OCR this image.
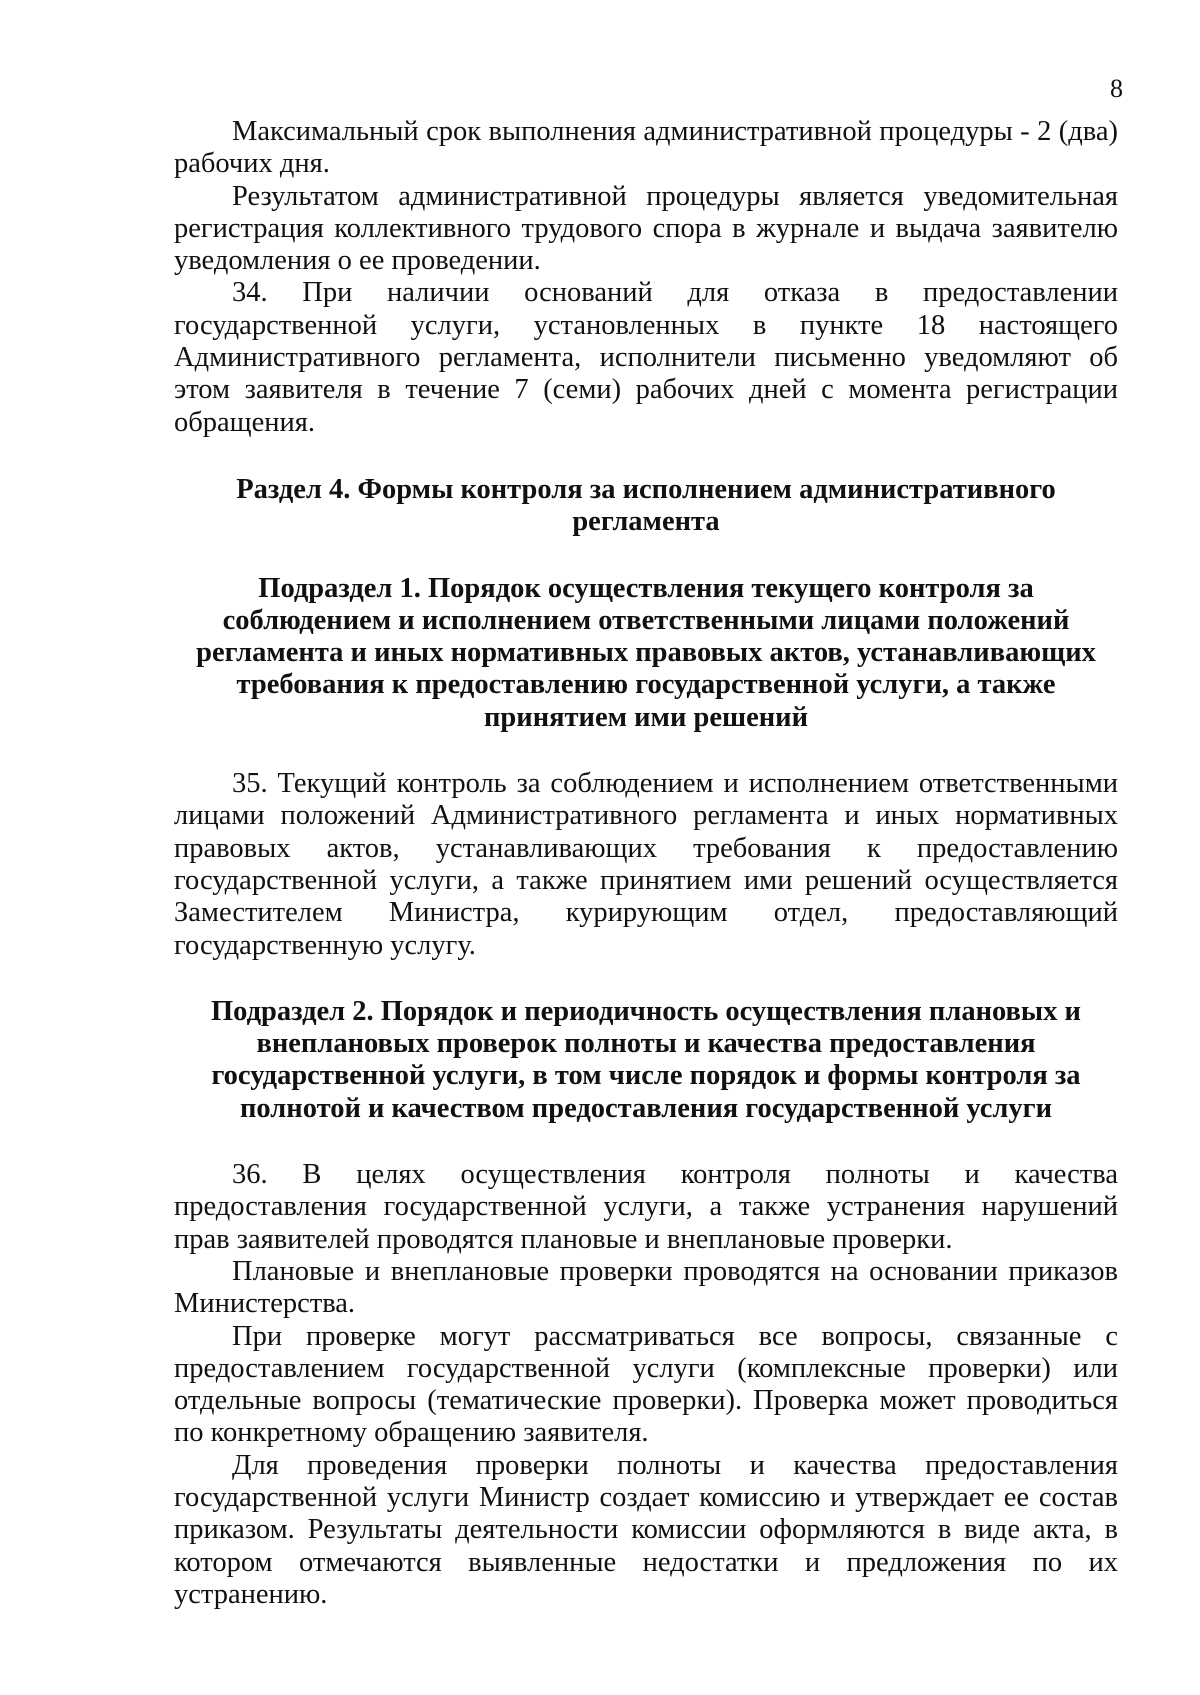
8

Максимальный срок выполнения административной процедуры - 2 (два) рабочих дня.

Результатом административной процедуры является уведомительная регистрация коллективного трудового спора в журнале и выдача заявителю уведомления о ее проведении.

34. При наличии оснований для отказа в предоставлении государственной услуги, установленных в пункте 18 настоящего Административного регламента, исполнители письменно уведомляют об этом заявителя в течение 7 (семи) рабочих дней с момента регистрации обращения.

Раздел 4. Формы контроля за исполнением административного регламента
Подраздел 1. Порядок осуществления текущего контроля за соблюдением и исполнением ответственными лицами положений регламента и иных нормативных правовых актов, устанавливающих требования к предоставлению государственной услуги, а также принятием ими решений

35. Текущий контроль за соблюдением и исполнением ответственными лицами положений Административного регламента и иных нормативных правовых актов, устанавливающих требования к предоставлению государственной услуги, а также принятием ими решений осуществляется Заместителем Министра, курирующим отдел, предоставляющий государственную услугу.

Подраздел 2. Порядок и периодичность осуществления плановых и внеплановых проверок полноты и качества предоставления государственной услуги, в том числе порядок и формы контроля за полнотой и качеством предоставления государственной услуги

36. В целях осуществления контроля полноты и качества предоставления государственной услуги, а также устранения нарушений прав заявителей проводятся плановые и внеплановые проверки.

Плановые и внеплановые проверки проводятся на основании приказов Министерства.

При проверке могут рассматриваться все вопросы, связанные с предоставлением государственной услуги (комплексные проверки) или отдельные вопросы (тематические проверки). Проверка может проводиться по конкретному обращению заявителя.

Для проведения проверки полноты и качества предоставления государственной услуги Министр создает комиссию и утверждает ее состав приказом. Результаты деятельности комиссии оформляются в виде акта, в котором отмечаются выявленные недостатки и предложения по их устранению.
